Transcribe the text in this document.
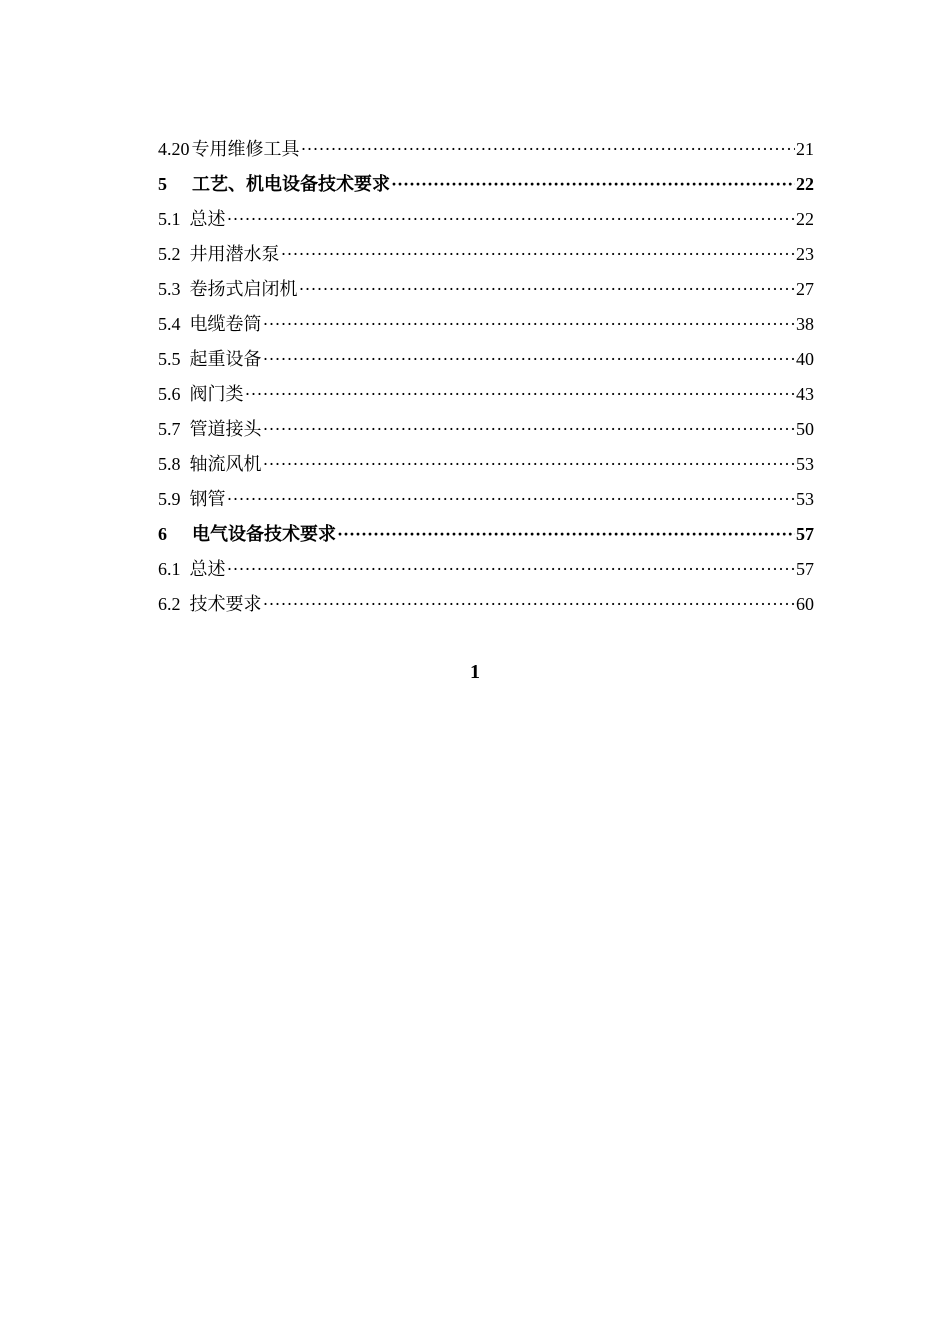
4.20 专用维修工具 ·····	21
5	工艺、机电设备技术要求 ·····	22
5.1 总述 ·····	22
5.2 井用潜水泵 ·····	23
5.3 卷扬式启闭机 ·····	27
5.4 电缆卷筒 ·····	38
5.5 起重设备 ·····	40
5.6 阀门类 ·····	43
5.7 管道接头 ·····	50
5.8 轴流风机 ·····	53
5.9 钢管 ·····	53
6	电气设备技术要求 ·····	57
6.1 总述 ·····	57
6.2 技术要求 ·····	60
1
